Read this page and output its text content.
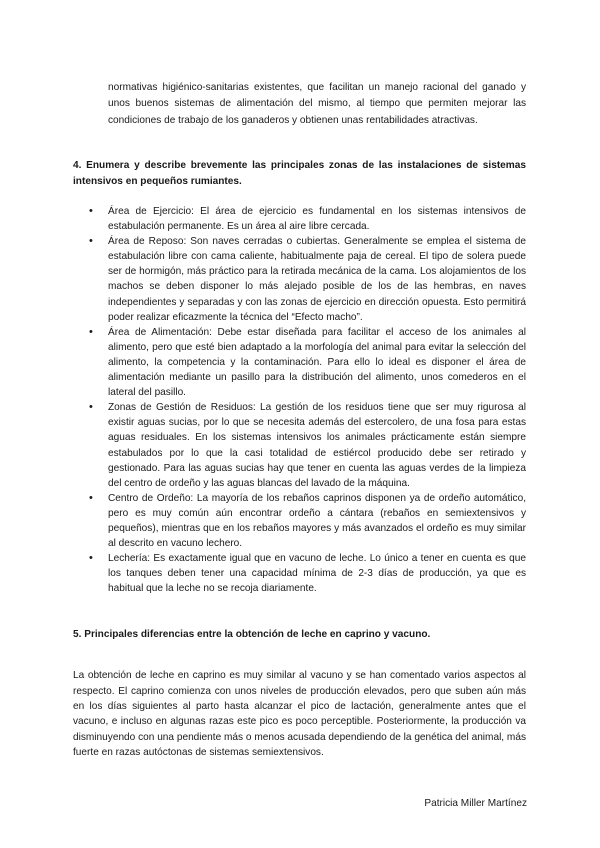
normativas higiénico-sanitarias existentes, que facilitan un manejo racional del ganado y unos buenos sistemas de alimentación del mismo, al tiempo que permiten mejorar las condiciones de trabajo de los ganaderos y obtienen unas rentabilidades atractivas.

4. Enumera y describe brevemente las principales zonas de las instalaciones de sistemas intensivos en pequeños rumiantes.
• Área de Ejercicio: El área de ejercicio es fundamental en los sistemas intensivos de estabulación permanente. Es un área al aire libre cercada.
• Área de Reposo: Son naves cerradas o cubiertas. Generalmente se emplea el sistema de estabulación libre con cama caliente, habitualmente paja de cereal. El tipo de solera puede ser de hormigón, más práctico para la retirada mecánica de la cama. Los alojamientos de los machos se deben disponer lo más alejado posible de los de las hembras, en naves independientes y separadas y con las zonas de ejercicio en dirección opuesta. Esto permitirá poder realizar eficazmente la técnica del “Efecto macho”.
• Área de Alimentación: Debe estar diseñada para facilitar el acceso de los animales al alimento, pero que esté bien adaptado a la morfología del animal para evitar la selección del alimento, la competencia y la contaminación. Para ello lo ideal es disponer el área de alimentación mediante un pasillo para la distribución del alimento, unos comederos en el lateral del pasillo.
• Zonas de Gestión de Residuos: La gestión de los residuos tiene que ser muy rigurosa al existir aguas sucias, por lo que se necesita además del estercolero, de una fosa para estas aguas residuales. En los sistemas intensivos los animales prácticamente están siempre estabulados por lo que la casi totalidad de estiércol producido debe ser retirado y gestionado. Para las aguas sucias hay que tener en cuenta las aguas verdes de la limpieza del centro de ordeño y las aguas blancas del lavado de la máquina.
• Centro de Ordeño: La mayoría de los rebaños caprinos disponen ya de ordeño automático, pero es muy común aún encontrar ordeño a cántara (rebaños en semiextensivos y pequeños), mientras que en los rebaños mayores y más avanzados el ordeño es muy similar al descrito en vacuno lechero.
• Lechería: Es exactamente igual que en vacuno de leche. Lo único a tener en cuenta es que los tanques deben tener una capacidad mínima de 2-3 días de producción, ya que es habitual que la leche no se recoja diariamente.
5. Principales diferencias entre la obtención de leche en caprino y vacuno.

La obtención de leche en caprino es muy similar al vacuno y se han comentado varios aspectos al respecto. El caprino comienza con unos niveles de producción elevados, pero que suben aún más en los días siguientes al parto hasta alcanzar el pico de lactación, generalmente antes que el vacuno, e incluso en algunas razas este pico es poco perceptible. Posteriormente, la producción va disminuyendo con una pendiente más o menos acusada dependiendo de la genética del animal, más fuerte en razas autóctonas de sistemas semiextensivos.

Patricia Miller Martínez
